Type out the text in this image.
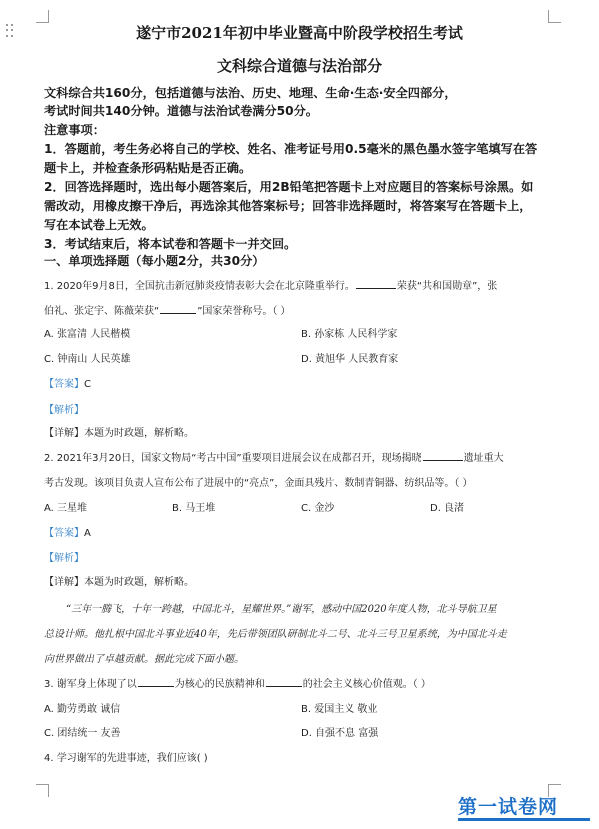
遂宁市2021年初中毕业暨高中阶段学校招生考试
文科综合道德与法治部分
文科综合共160分，包括道德与法治、历史、地理、生命·生态·安全四部分，
考试时间共140分钟。道德与法治试卷满分50分。
注意事项：
1．答题前，考生务必将自己的学校、姓名、准考证号用0.5毫米的黑色墨水签字笔填写在答
题卡上，并检查条形码粘贴是否正确。
2．回答选择题时，选出每小题答案后，用2B铅笔把答题卡上对应题目的答案标号涂黑。如
需改动，用橡皮擦干净后，再选涂其他答案标号；回答非选择题时，将答案写在答题卡上，
写在本试卷上无效。
3．考试结束后，将本试卷和答题卡一并交回。
一、单项选择题（每小题2分，共30分）
1. 2020年9月8日，全国抗击新冠肺炎疫情表彰大会在北京隆重举行。	荣获“共和国勋章”，张
伯礼、张定宇、陈薇荣获“	”国家荣誉称号。（ ）
A. 张富清 人民楷模	B. 孙家栋 人民科学家
C. 钟南山 人民英雄	D. 黄旭华 人民教育家
【答案】C
【解析】
【详解】本题为时政题，解析略。
2. 2021年3月20日，国家文物局“考古中国”重要项目进展会议在成都召开，现场揭晓	遗址重大
考古发现。该项目负责人宣布公布了进展中的“亮点”，金面具残片、数制青铜器、纺织品等。（ ）
A. 三星堆	B. 马王堆	C. 金沙	D. 良渚
【答案】A
【解析】
【详解】本题为时政题，解析略。
“三年一腾飞，十年一跨越，中国北斗，星耀世界。”谢军，感动中国2020年度人物，北斗导航卫星
总设计师。他扎根中国北斗事业近40年，先后带领团队研制北斗二号、北斗三号卫星系统，为中国北斗走
向世界做出了卓越贡献。据此完成下面小题。
3. 谢军身上体现了以	为核心的民族精神和	的社会主义核心价值观。（ ）
A. 勤劳勇敢 诚信	B. 爱国主义 敬业
C. 团结统一 友善	D. 自强不息 富强
4. 学习谢军的先进事迹，我们应该( )
第一试卷网
